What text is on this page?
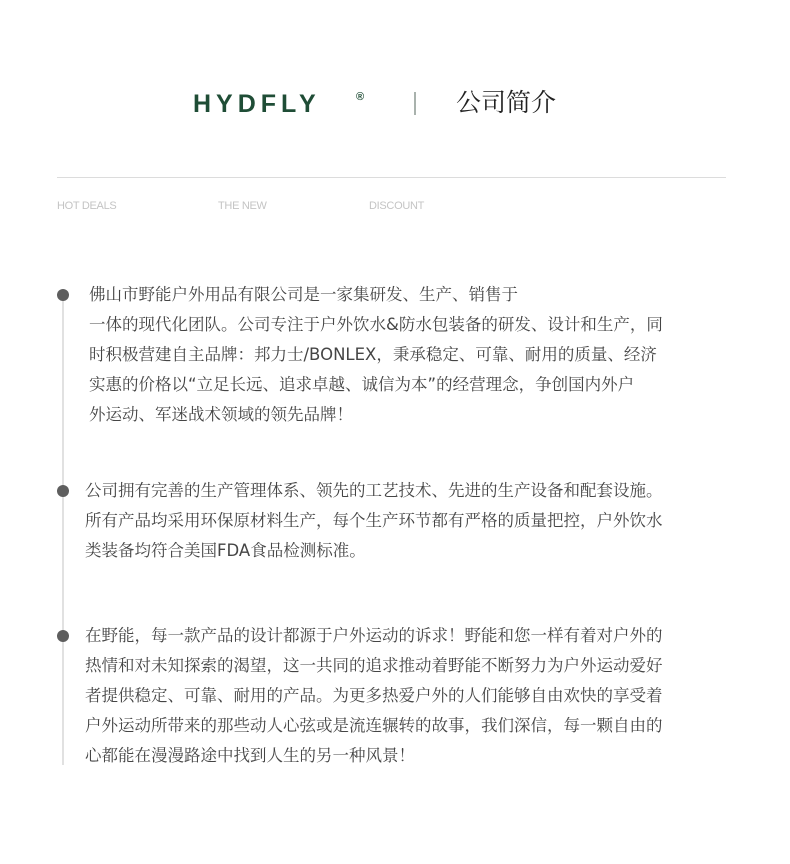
HYDFLY	®	公司简介
HOT DEALS	THE NEW	DISCOUNT
佛山市野能户外用品有限公司是一家集研发、生产、销售于
一体的现代化团队。公司专注于户外饮水&防水包装备的研发、设计和生产，同
时积极营建自主品牌：邦力士/BONLEX，秉承稳定、可靠、耐用的质量、经济
实惠的价格以“立足长远、追求卓越、诚信为本”的经营理念，争创国内外户
外运动、军迷战术领域的领先品牌！
公司拥有完善的生产管理体系、领先的工艺技术、先进的生产设备和配套设施。
所有产品均采用环保原材料生产，每个生产环节都有严格的质量把控，户外饮水
类装备均符合美国FDA食品检测标准。
在野能，每一款产品的设计都源于户外运动的诉求！野能和您一样有着对户外的
热情和对未知探索的渴望，这一共同的追求推动着野能不断努力为户外运动爱好
者提供稳定、可靠、耐用的产品。为更多热爱户外的人们能够自由欢快的享受着
户外运动所带来的那些动人心弦或是流连辗转的故事，我们深信，每一颗自由的
心都能在漫漫路途中找到人生的另一种风景！
